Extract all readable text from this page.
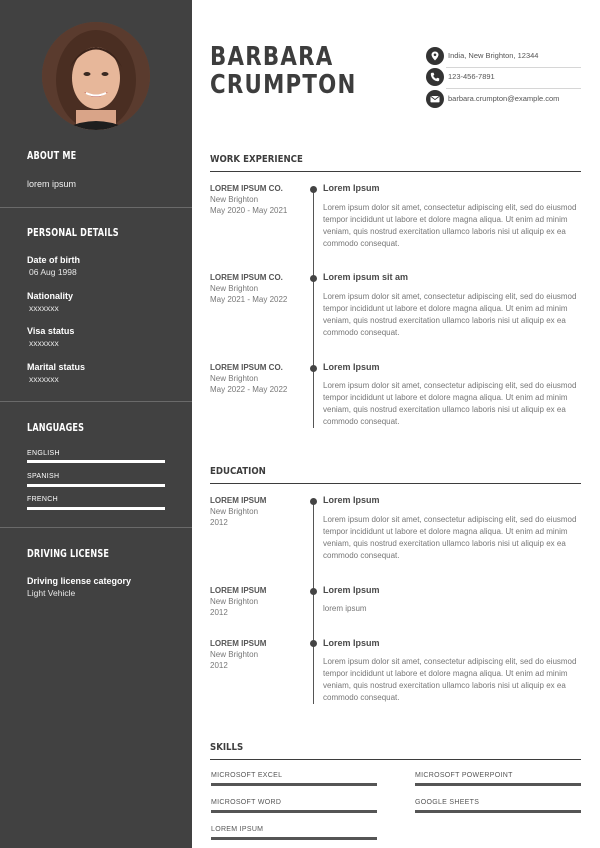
ABOUT ME
lorem ipsum
PERSONAL DETAILS
Date of birth
06 Aug 1998
Nationality
xxxxxxx
Visa status
xxxxxxx
Marital status
xxxxxxx
LANGUAGES
ENGLISH
SPANISH
FRENCH
DRIVING LICENSE
Driving license category
Light Vehicle
BARBARA
CRUMPTON
India, New Brighton, 12344
123-456-7891
barbara.crumpton@example.com
WORK EXPERIENCE
LOREM IPSUM CO.
New Brighton
May 2020 - May 2021
Lorem Ipsum
Lorem ipsum dolor sit amet, consectetur adipiscing elit, sed do eiusmod tempor incididunt ut labore et dolore magna aliqua. Ut enim ad minim veniam, quis nostrud exercitation ullamco laboris nisi ut aliquip ex ea commodo consequat.
LOREM IPSUM CO.
New Brighton
May 2021 - May 2022
Lorem ipsum sit am
Lorem ipsum dolor sit amet, consectetur adipiscing elit, sed do eiusmod tempor incididunt ut labore et dolore magna aliqua. Ut enim ad minim veniam, quis nostrud exercitation ullamco laboris nisi ut aliquip ex ea commodo consequat.
LOREM IPSUM CO.
New Brighton
May 2022 - May 2022
Lorem Ipsum
Lorem ipsum dolor sit amet, consectetur adipiscing elit, sed do eiusmod tempor incididunt ut labore et dolore magna aliqua. Ut enim ad minim veniam, quis nostrud exercitation ullamco laboris nisi ut aliquip ex ea commodo consequat.
EDUCATION
LOREM IPSUM
New Brighton
2012
Lorem Ipsum
Lorem ipsum dolor sit amet, consectetur adipiscing elit, sed do eiusmod tempor incididunt ut labore et dolore magna aliqua. Ut enim ad minim veniam, quis nostrud exercitation ullamco laboris nisi ut aliquip ex ea commodo consequat.
LOREM IPSUM
New Brighton
2012
Lorem Ipsum
lorem ipsum
LOREM IPSUM
New Brighton
2012
Lorem Ipsum
Lorem ipsum dolor sit amet, consectetur adipiscing elit, sed do eiusmod tempor incididunt ut labore et dolore magna aliqua. Ut enim ad minim veniam, quis nostrud exercitation ullamco laboris nisi ut aliquip ex ea commodo consequat.
SKILLS
MICROSOFT EXCEL	MICROSOFT POWERPOINT
MICROSOFT WORD	GOOGLE SHEETS
LOREM IPSUM
